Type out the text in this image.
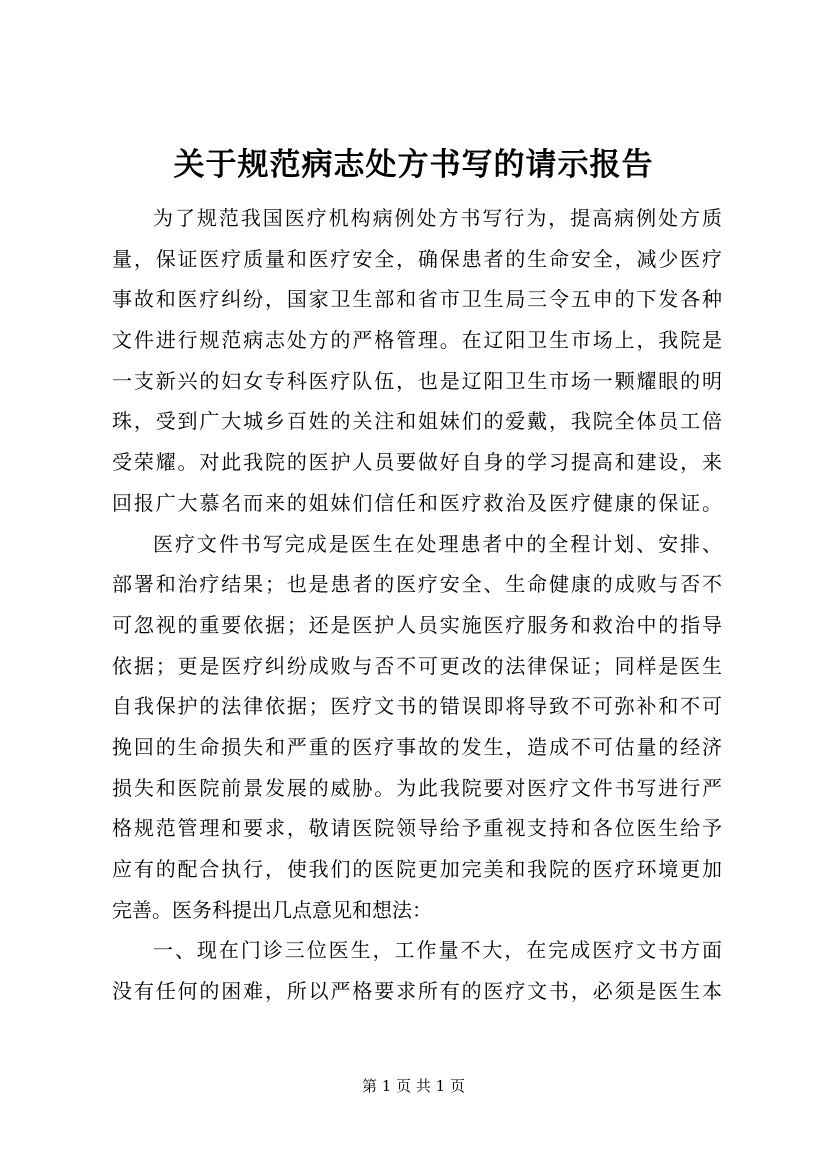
关于规范病志处方书写的请示报告
为了规范我国医疗机构病例处方书写行为，提高病例处方质
量，保证医疗质量和医疗安全，确保患者的生命安全，减少医疗
事故和医疗纠纷，国家卫生部和省市卫生局三令五申的下发各种
文件进行规范病志处方的严格管理。在辽阳卫生市场上，我院是
一支新兴的妇女专科医疗队伍，也是辽阳卫生市场一颗耀眼的明
珠，受到广大城乡百姓的关注和姐妹们的爱戴，我院全体员工倍
受荣耀。对此我院的医护人员要做好自身的学习提高和建设，来
回报广大慕名而来的姐妹们信任和医疗救治及医疗健康的保证。
医疗文件书写完成是医生在处理患者中的全程计划、安排、
部署和治疗结果；也是患者的医疗安全、生命健康的成败与否不
可忽视的重要依据；还是医护人员实施医疗服务和救治中的指导
依据；更是医疗纠纷成败与否不可更改的法律保证；同样是医生
自我保护的法律依据；医疗文书的错误即将导致不可弥补和不可
挽回的生命损失和严重的医疗事故的发生，造成不可估量的经济
损失和医院前景发展的威胁。为此我院要对医疗文件书写进行严
格规范管理和要求，敬请医院领导给予重视支持和各位医生给予
应有的配合执行，使我们的医院更加完美和我院的医疗环境更加
完善。医务科提出几点意见和想法：
一、现在门诊三位医生，工作量不大，在完成医疗文书方面
没有任何的困难，所以严格要求所有的医疗文书，必须是医生本
第 1 页 共 1 页
